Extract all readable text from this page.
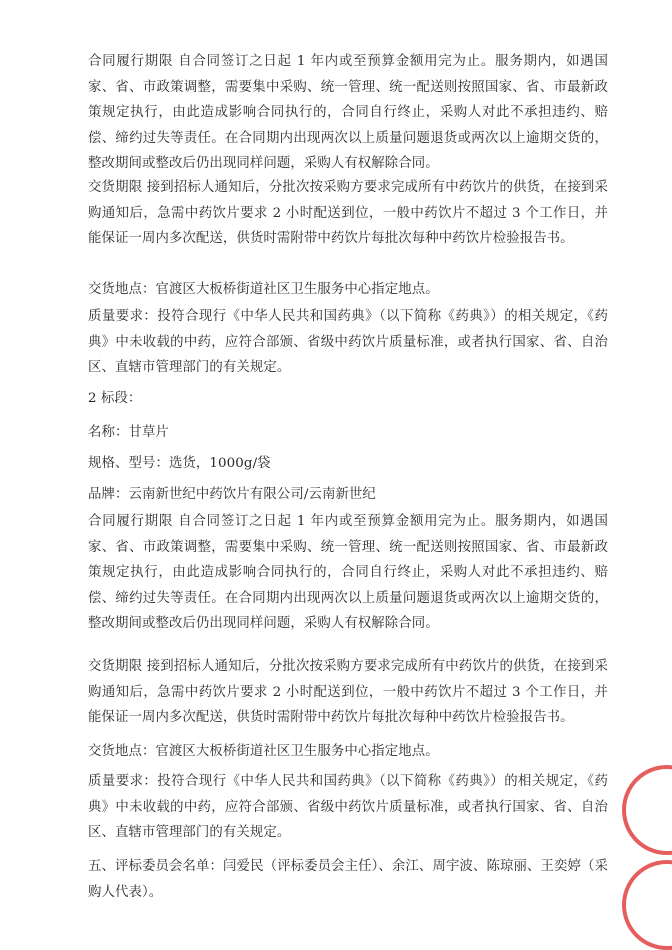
合同履行期限 自合同签订之日起 1 年内或至预算金额用完为止。服务期内，如遇国家、省、市政策调整，需要集中采购、统一管理、统一配送则按照国家、省、市最新政策规定执行，由此造成影响合同执行的，合同自行终止，采购人对此不承担违约、赔偿、缔约过失等责任。在合同期内出现两次以上质量问题退货或两次以上逾期交货的，整改期间或整改后仍出现同样问题，采购人有权解除合同。

交货期限 接到招标人通知后，分批次按采购方要求完成所有中药饮片的供货，在接到采购通知后，急需中药饮片要求 2 小时配送到位，一般中药饮片不超过 3 个工作日，并能保证一周内多次配送，供货时需附带中药饮片每批次每种中药饮片检验报告书。

交货地点：官渡区大板桥街道社区卫生服务中心指定地点。

质量要求：投符合现行《中华人民共和国药典》（以下简称《药典》）的相关规定，《药典》中未收载的中药，应符合部颁、省级中药饮片质量标准，或者执行国家、省、自治区、直辖市管理部门的有关规定。

2 标段：

名称：甘草片

规格、型号：选货，1000g/袋

品牌：云南新世纪中药饮片有限公司/云南新世纪

合同履行期限 自合同签订之日起 1 年内或至预算金额用完为止。服务期内，如遇国家、省、市政策调整，需要集中采购、统一管理、统一配送则按照国家、省、市最新政策规定执行，由此造成影响合同执行的，合同自行终止，采购人对此不承担违约、赔偿、缔约过失等责任。在合同期内出现两次以上质量问题退货或两次以上逾期交货的，整改期间或整改后仍出现同样问题，采购人有权解除合同。

交货期限 接到招标人通知后，分批次按采购方要求完成所有中药饮片的供货，在接到采购通知后，急需中药饮片要求 2 小时配送到位，一般中药饮片不超过 3 个工作日，并能保证一周内多次配送，供货时需附带中药饮片每批次每种中药饮片检验报告书。

交货地点：官渡区大板桥街道社区卫生服务中心指定地点。

质量要求：投符合现行《中华人民共和国药典》（以下简称《药典》）的相关规定，《药典》中未收载的中药，应符合部颁、省级中药饮片质量标准，或者执行国家、省、自治区、直辖市管理部门的有关规定。

五、评标委员会名单：闫爱民（评标委员会主任）、余江、周宇波、陈琼丽、王奕婷（采购人代表）。
